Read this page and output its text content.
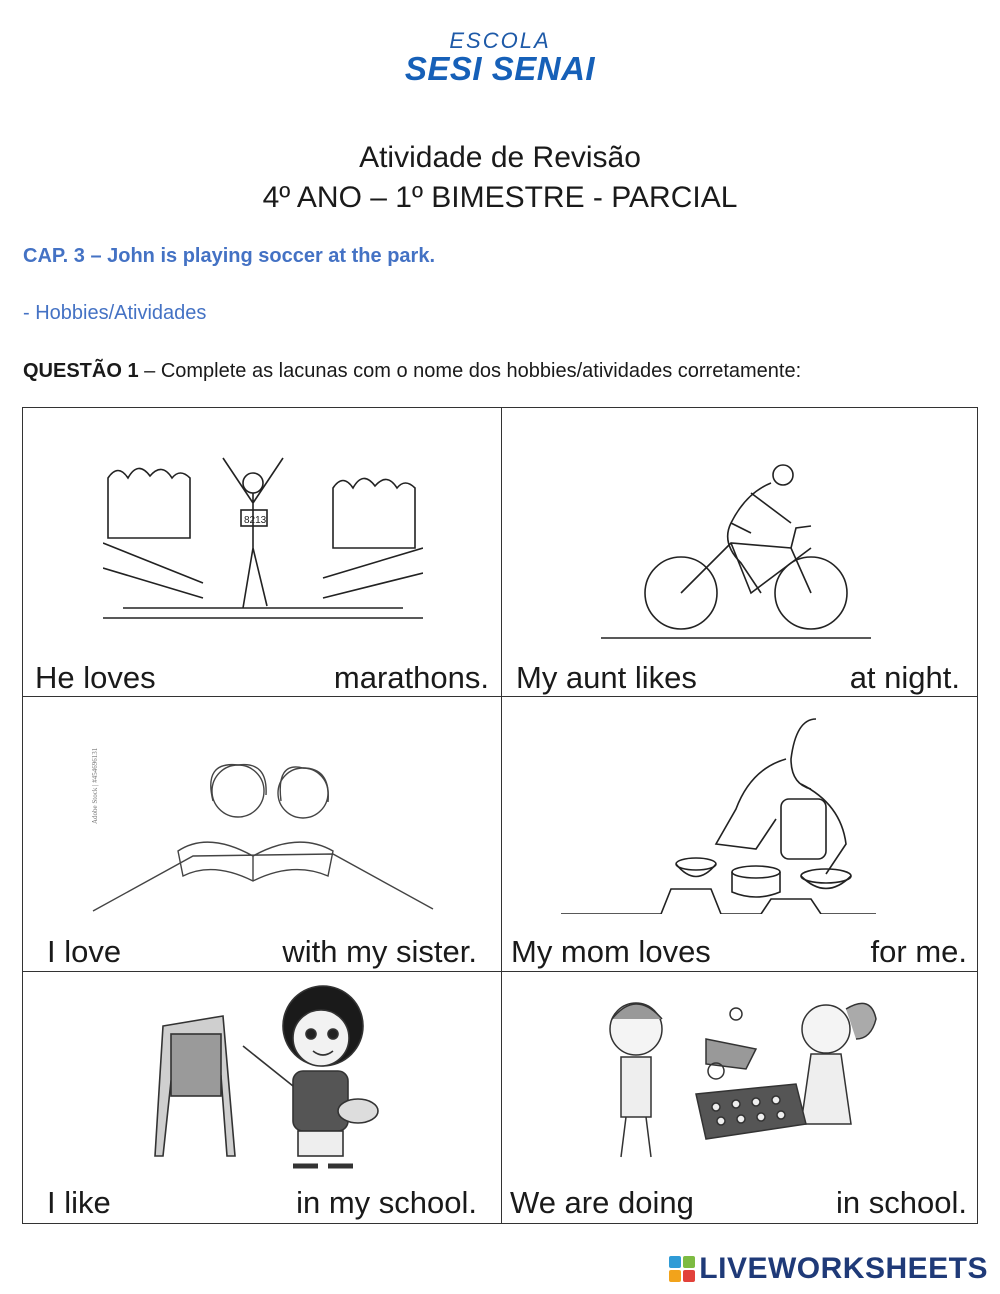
ESCOLA
SESI SENAI
Atividade de Revisão
4º ANO – 1º BIMESTRE - PARCIAL
CAP. 3 – John is playing soccer at the park.
- Hobbies/Atividades
QUESTÃO 1 – Complete as lacunas com o nome dos hobbies/atividades corretamente:
8213
He loves	marathons. My aunt likes	at night.
Adobe Stock | #454696131
I love	with my sister. My mom loves	for me.
I like	in my school. We are doing	in school.
LIVEWORKSHEETS
